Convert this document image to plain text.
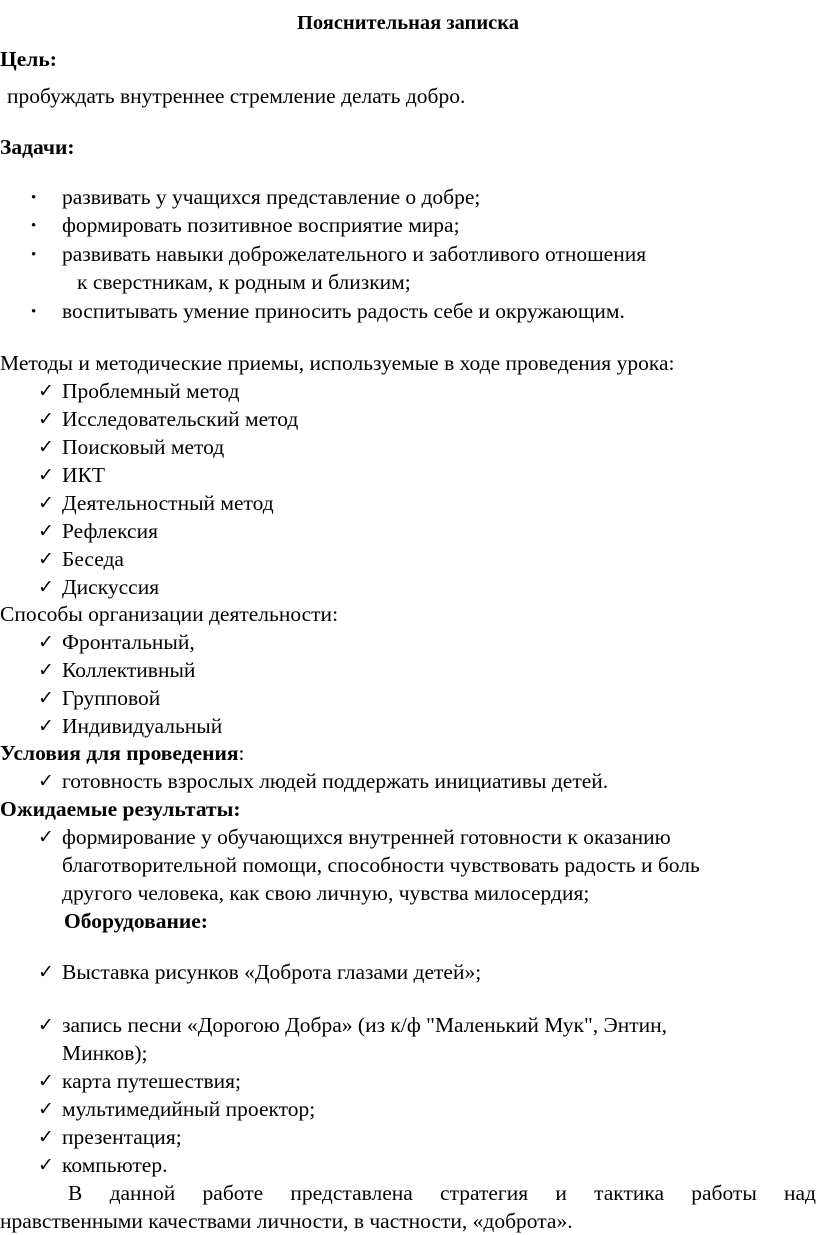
Пояснительная записка
Цель:
пробуждать внутреннее стремление делать добро.
Задачи:
• развивать у учащихся представление о добре;
• формировать позитивное восприятие мира;
• развивать навыки доброжелательного и заботливого отношения
к сверстникам, к родным и близким;
• воспитывать умение приносить радость себе и окружающим.
Методы и методические приемы, используемые в ходе проведения урока:
✓ Проблемный метод
✓ Исследовательский метод
✓ Поисковый метод
✓ ИКТ
✓ Деятельностный метод
✓ Рефлексия
✓ Беседа
✓ Дискуссия
Способы организации деятельности:
✓ Фронтальный,
✓ Коллективный
✓ Групповой
✓ Индивидуальный
Условия для проведения:
✓ готовность взрослых людей поддержать инициативы детей.
Ожидаемые результаты:
✓ формирование у обучающихся внутренней готовности к оказанию
благотворительной помощи, способности чувствовать радость и боль
другого человека, как свою личную, чувства милосердия;
Оборудование:
✓ Выставка рисунков «Доброта глазами детей»;
✓ запись песни «Дорогою Добра» (из к/ф "Маленький Мук", Энтин,
Минков);
✓ карта путешествия;
✓ мультимедийный проектор;
✓ презентация;
✓ компьютер.
В данной работе представлена стратегия и тактика работы над
нравственными качествами личности, в частности, «доброта».
